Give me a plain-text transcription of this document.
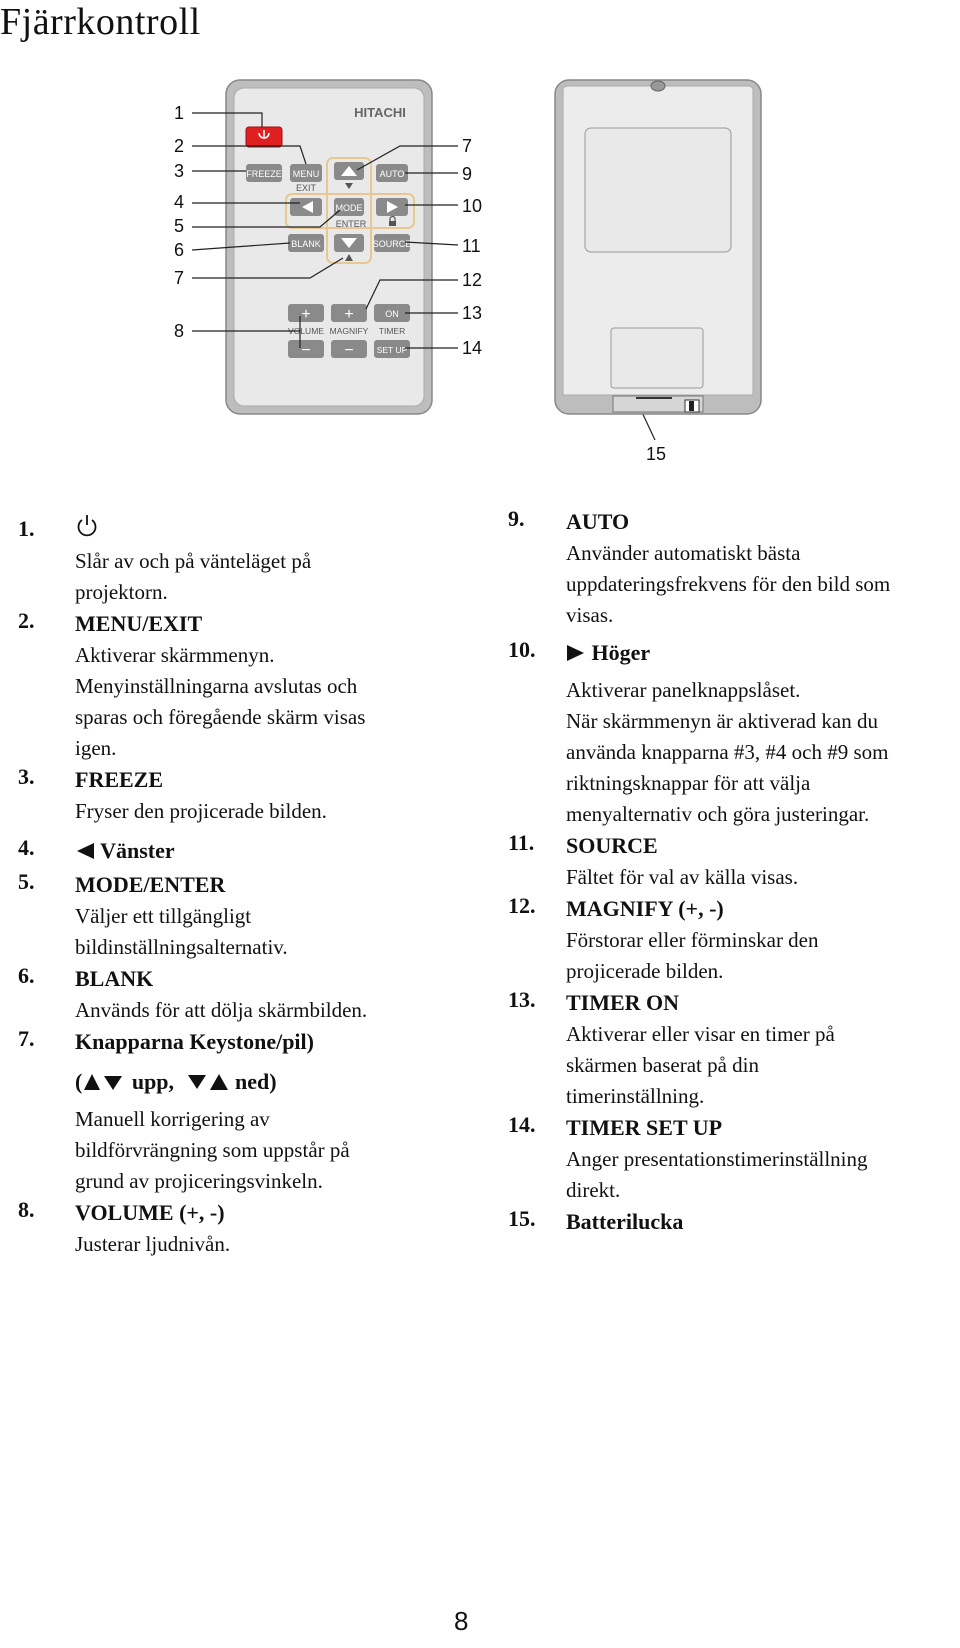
Fjärrkontroll
HITACHI
FREEZE MENU
EXIT
AUTO
MODE
ENTER
BLANK	SOURCE
+ +	ON
VOLUME MAGNIFY TIMER
− −	SET UP
1
2
3
4
5
6
7
8
7
9
10
11
12
13
14
15
1.
Slår av och på vänteläget på
projektorn.
2. MENU/EXIT
Aktiverar skärmmenyn.
Menyinställningarna avslutas och
sparas och föregående skärm visas
igen.
3. FREEZE
Fryser den projicerade bilden.
4.	Vänster
5. MODE/ENTER
Väljer ett tillgängligt
bildinställningsalternativ.
6. BLANK
Används för att dölja skärmbilden.
7. Knapparna Keystone/pil)
( upp,	ned)
Manuell korrigering av
bildförvrängning som uppstår på
grund av projiceringsvinkeln.
8. VOLUME (+, -)
Justerar ljudnivån.
9. AUTO
Använder automatiskt bästa
uppdateringsfrekvens för den bild som
visas.
10.	Höger
Aktiverar panelknappslåset.
När skärmmenyn är aktiverad kan du
använda knapparna #3, #4 och #9 som
riktningsknappar för att välja
menyalternativ och göra justeringar.
11. SOURCE
Fältet för val av källa visas.
12. MAGNIFY (+, -)
Förstorar eller förminskar den
projicerade bilden.
13. TIMER ON
Aktiverar eller visar en timer på
skärmen baserat på din
timerinställning.
14. TIMER SET UP
Anger presentationstimerinställning
direkt.
15. Batterilucka
8
